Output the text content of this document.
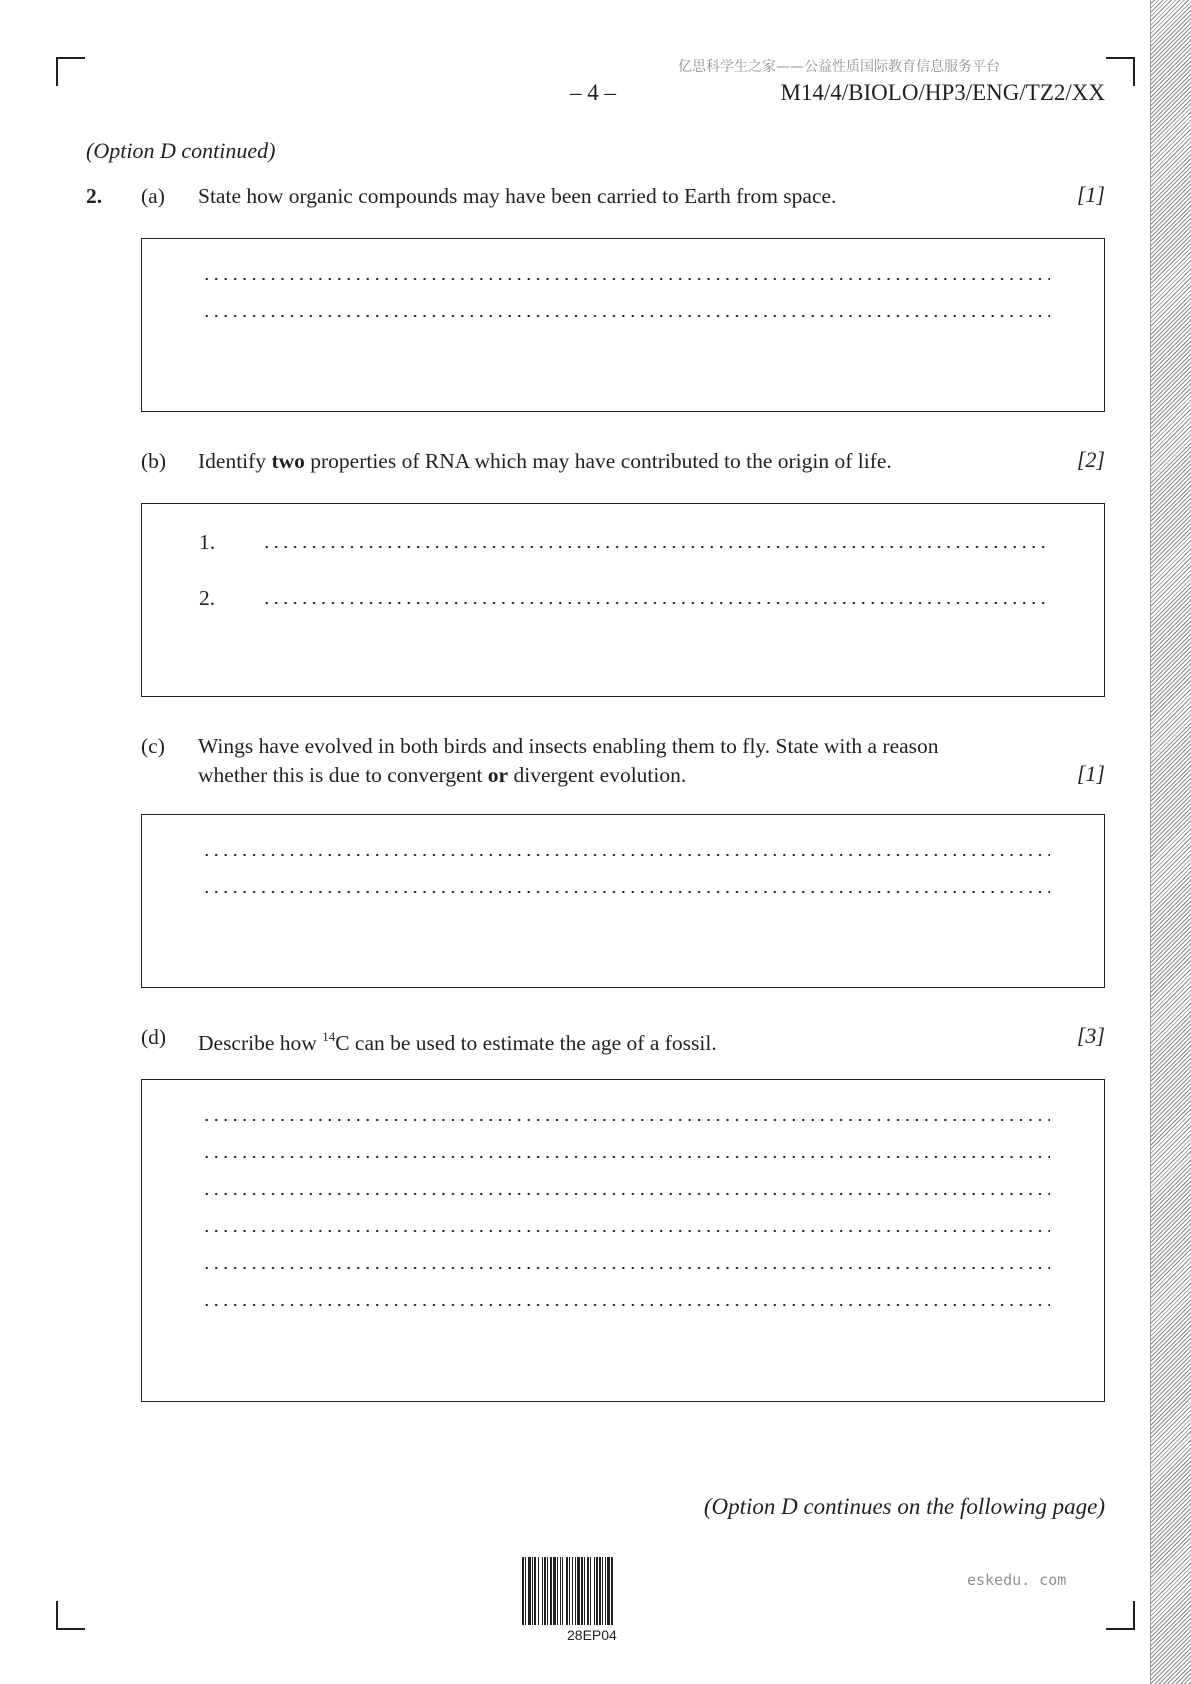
亿思科学生之家——公益性质国际教育信息服务平台
– 4 –	M14/4/BIOLO/HP3/ENG/TZ2/XX
(Option D continued)
2. (a) State how organic compounds may have been carried to Earth from space.	[1]
(b) Identify two properties of RNA which may have contributed to the origin of life.	[2]
1.
2.
(c) Wings have evolved in both birds and insects enabling them to fly. State with a reason
whether this is due to convergent or divergent evolution.	[1]
(d) Describe how $^{14}$C can be used to estimate the age of a fossil.	[3]
(Option D continues on the following page)
28EP04
eskedu. com
